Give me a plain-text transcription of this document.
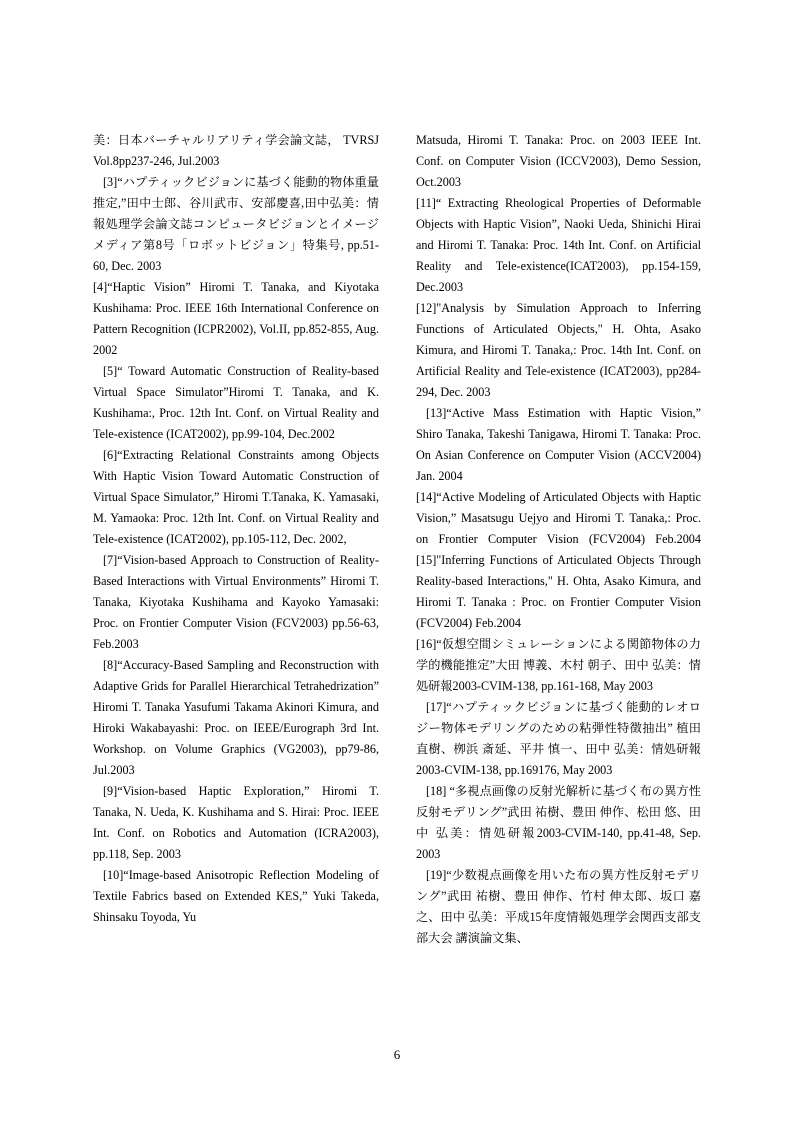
美：日本バーチャルリアリティ学会論文誌， TVRSJ Vol.8pp237-246, Jul.2003

[3]“ハプティックビジョンに基づく能動的物体重量推定,”田中士郎、谷川武市、安部慶喜,田中弘美：情報処理学会論文誌コンピュータビジョンとイメージメディア第8号「ロボットビジョン」特集号, pp.51-60, Dec. 2003

[4]“Haptic Vision” Hiromi T. Tanaka, and Kiyotaka Kushihama: Proc. IEEE 16th International Conference on Pattern Recognition (ICPR2002), Vol.II, pp.852-855, Aug. 2002

[5]“ Toward Automatic Construction of Reality-based Virtual Space Simulator”Hiromi T. Tanaka, and K. Kushihama:, Proc. 12th Int. Conf. on Virtual Reality and Tele-existence (ICAT2002), pp.99-104, Dec.2002

[6]“Extracting Relational Constraints among Objects With Haptic Vision Toward Automatic Construction of Virtual Space Simulator,” Hiromi T.Tanaka, K. Yamasaki, M. Yamaoka: Proc. 12th Int. Conf. on Virtual Reality and Tele-existence (ICAT2002), pp.105-112, Dec. 2002,

[7]“Vision-based Approach to Construction of Reality-Based Interactions with Virtual Environments” Hiromi T. Tanaka, Kiyotaka Kushihama and Kayoko Yamasaki: Proc. on Frontier Computer Vision (FCV2003) pp.56-63, Feb.2003

[8]“Accuracy-Based Sampling and Reconstruction with Adaptive Grids for Parallel Hierarchical Tetrahedrization” Hiromi T. Tanaka Yasufumi Takama Akinori Kimura, and Hiroki Wakabayashi: Proc. on IEEE/Eurograph 3rd Int. Workshop. on Volume Graphics (VG2003), pp79-86, Jul.2003

[9]“Vision-based Haptic Exploration,” Hiromi T. Tanaka, N. Ueda, K. Kushihama and S. Hirai: Proc. IEEE Int. Conf. on Robotics and Automation (ICRA2003), pp.118, Sep. 2003

[10]“Image-based Anisotropic Reflection Modeling of Textile Fabrics based on Extended KES,” Yuki Takeda, Shinsaku Toyoda, Yu

Matsuda, Hiromi T. Tanaka: Proc. on 2003 IEEE Int. Conf. on Computer Vision (ICCV2003), Demo Session, Oct.2003

[11]“ Extracting Rheological Properties of Deformable Objects with Haptic Vision”, Naoki Ueda, Shinichi Hirai and Hiromi T. Tanaka: Proc. 14th Int. Conf. on Artificial Reality and Tele-existence(ICAT2003), pp.154-159, Dec.2003

[12]"Analysis by Simulation Approach to Inferring Functions of Articulated Objects," H. Ohta, Asako Kimura, and Hiromi T. Tanaka,: Proc. 14th Int. Conf. on Artificial Reality and Tele-existence (ICAT2003), pp284-294, Dec. 2003

[13]“Active Mass Estimation with Haptic Vision,” Shiro Tanaka, Takeshi Tanigawa, Hiromi T. Tanaka: Proc. On Asian Conference on Computer Vision (ACCV2004) Jan. 2004

[14]“Active Modeling of Articulated Objects with Haptic Vision,” Masatsugu Uejyo and Hiromi T. Tanaka,: Proc. on Frontier Computer Vision (FCV2004) Feb.2004 [15]"Inferring Functions of Articulated Objects Through Reality-based Interactions," H. Ohta, Asako Kimura, and Hiromi T. Tanaka : Proc. on Frontier Computer Vision (FCV2004) Feb.2004

[16]“仮想空間シミュレーションによる関節物体の力学的機能推定”大田 博義、木村 朝子、田中 弘美：情処研報2003-CVIM-138, pp.161-168, May 2003

[17]“ハプティックビジョンに基づく能動的レオロジー物体モデリングのための粘弾性特徴抽出” 植田 直樹、栁浜 斎延、平井 慎一、田中 弘美：情処研報2003-CVIM-138, pp.169176, May 2003

[18] “多視点画像の反射光解析に基づく布の異方性反射モデリング”武田 祐樹、豊田 伸作、松田 悠、田中 弘美：情処研報2003-CVIM-140, pp.41-48, Sep. 2003

[19]“少数視点画像を用いた布の異方性反射モデリング”武田 祐樹、豊田 伸作、竹村 伸太郎、坂口 嘉之、田中 弘美：平成15年度情報処理学会関西支部支部大会 講演論文集、

6
